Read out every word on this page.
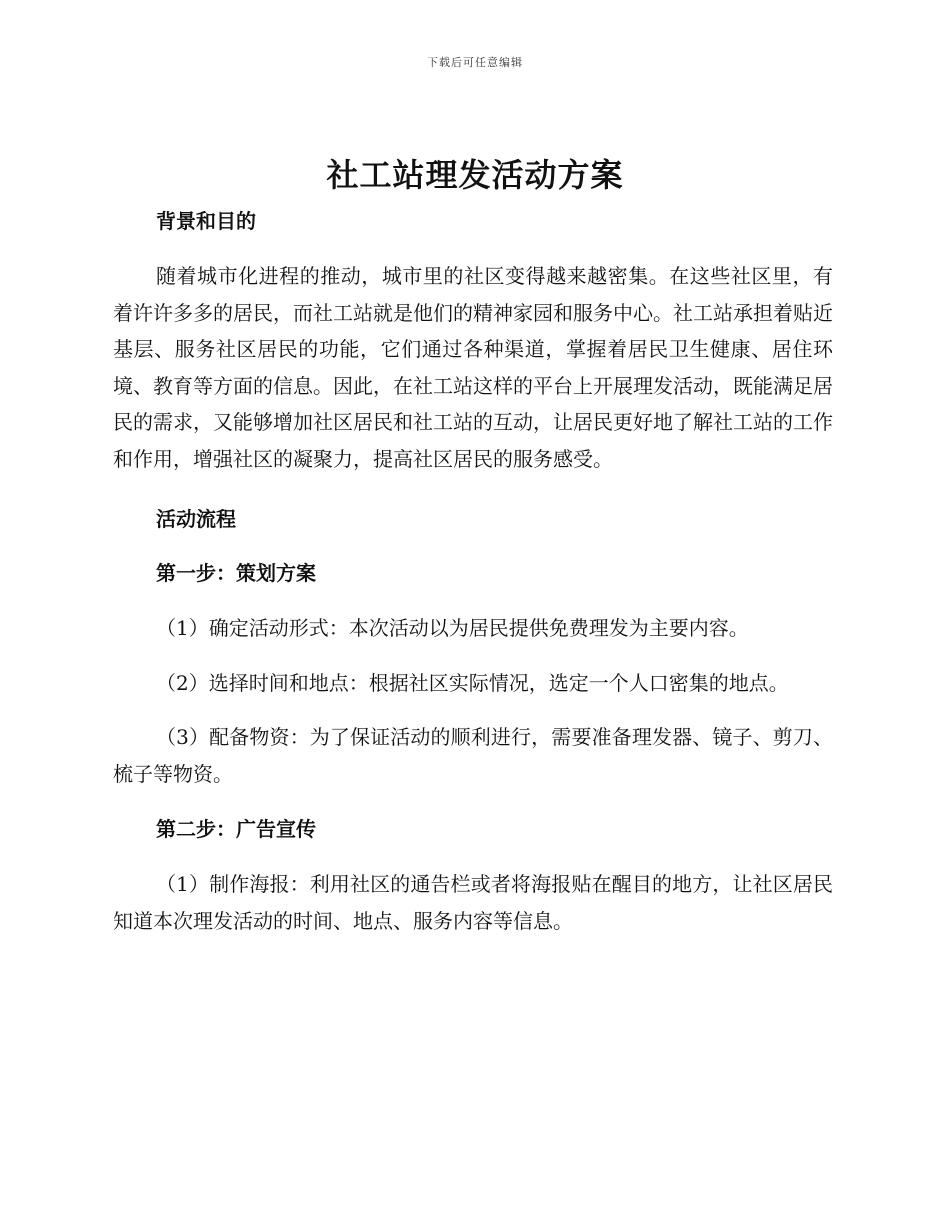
下载后可任意编辑
社工站理发活动方案

背景和目的

随着城市化进程的推动，城市里的社区变得越来越密集。在这些社区里，有着许许多多的居民，而社工站就是他们的精神家园和服务中心。社工站承担着贴近基层、服务社区居民的功能，它们通过各种渠道，掌握着居民卫生健康、居住环境、教育等方面的信息。因此，在社工站这样的平台上开展理发活动，既能满足居民的需求，又能够增加社区居民和社工站的互动，让居民更好地了解社工站的工作和作用，增强社区的凝聚力，提高社区居民的服务感受。

活动流程

第一步：策划方案

（1）确定活动形式：本次活动以为居民提供免费理发为主要内容。

（2）选择时间和地点：根据社区实际情况，选定一个人口密集的地点。

（3）配备物资：为了保证活动的顺利进行，需要准备理发器、镜子、剪刀、梳子等物资。

第二步：广告宣传

（1）制作海报：利用社区的通告栏或者将海报贴在醒目的地方，让社区居民知道本次理发活动的时间、地点、服务内容等信息。
